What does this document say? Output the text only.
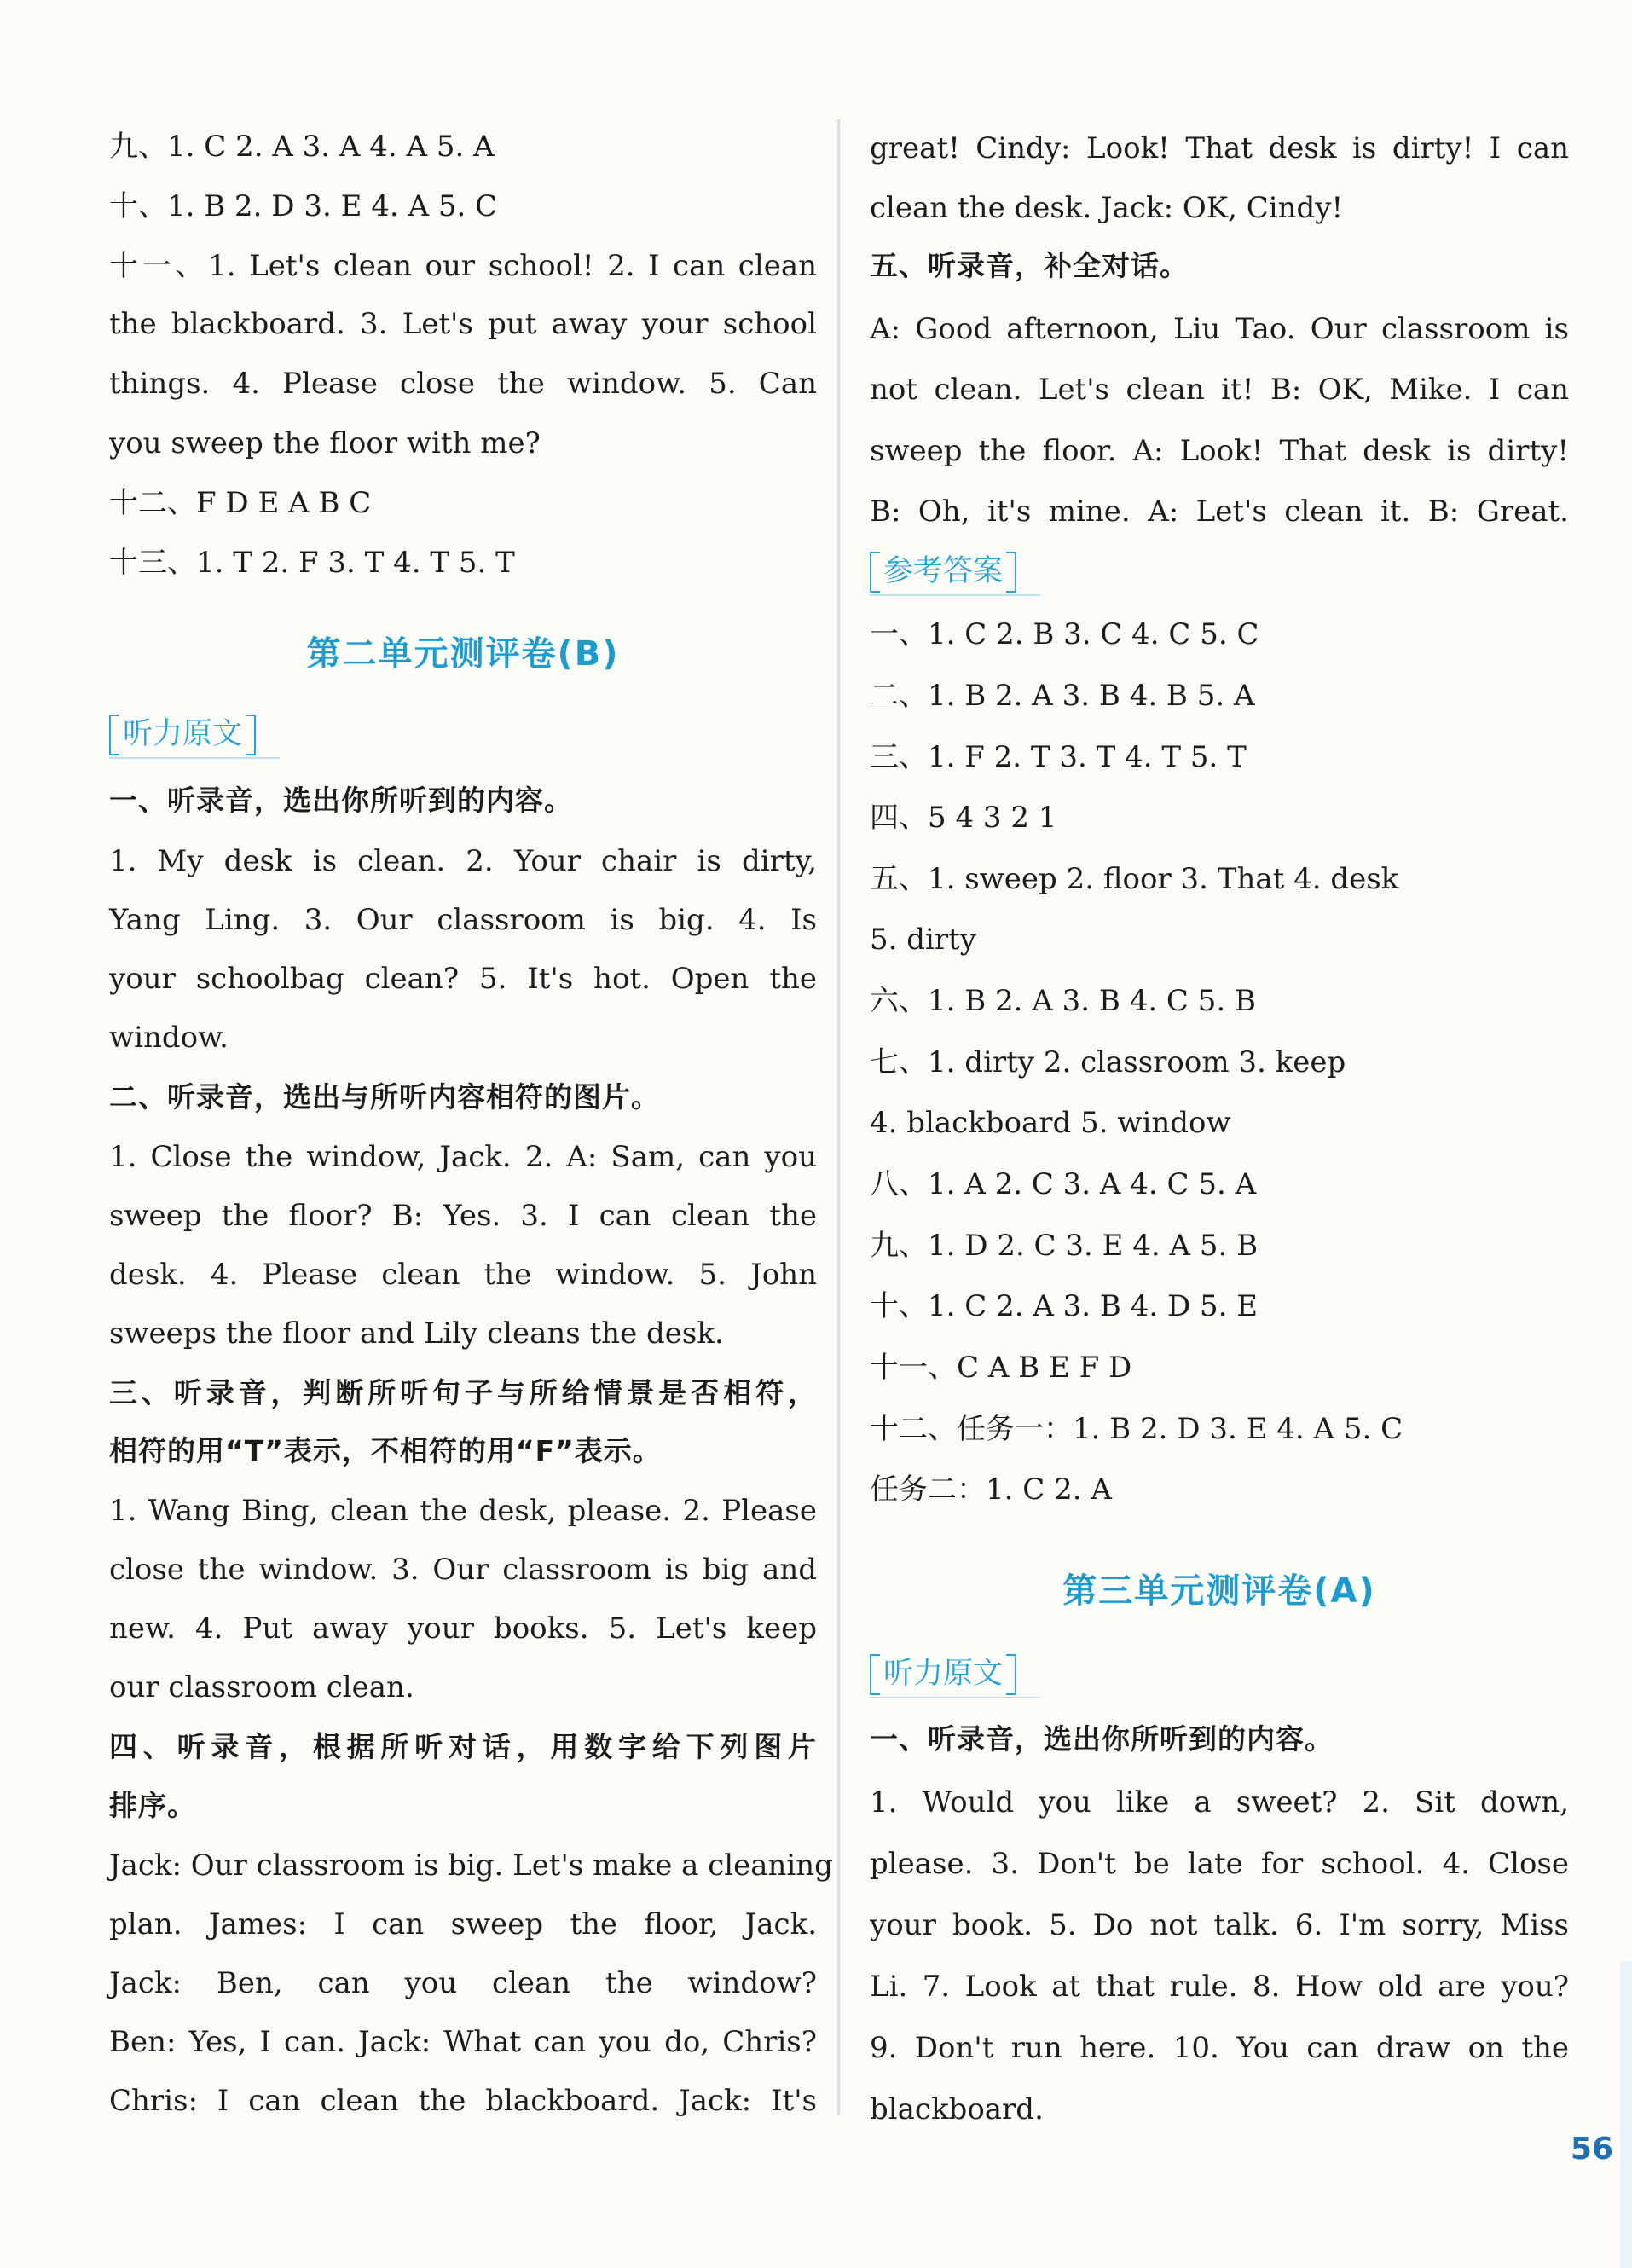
九、1. C 2. A 3. A 4. A 5. A
十、1. B 2. D 3. E 4. A 5. C
十一、1. Let's clean our school! 2. I can clean
the blackboard. 3. Let's put away your school
things. 4. Please close the window. 5. Can
you sweep the floor with me?
十二、F D E A B C
十三、1. T 2. F 3. T 4. T 5. T
第二单元测评卷(B)
听力原文
一、听录音，选出你所听到的内容。
1. My desk is clean. 2. Your chair is dirty,
Yang Ling. 3. Our classroom is big. 4. Is
your schoolbag clean? 5. It's hot. Open the
window.
二、听录音，选出与所听内容相符的图片。
1. Close the window, Jack. 2. A: Sam, can you
sweep the floor? B: Yes. 3. I can clean the
desk. 4. Please clean the window. 5. John
sweeps the floor and Lily cleans the desk.
三、听录音，判断所听句子与所给情景是否相符，
相符的用“T”表示，不相符的用“F”表示。
1. Wang Bing, clean the desk, please. 2. Please
close the window. 3. Our classroom is big and
new. 4. Put away your books. 5. Let's keep
our classroom clean.
四、听录音，根据所听对话，用数字给下列图片
排序。
Jack: Our classroom is big. Let's make a cleaning
plan. James: I can sweep the floor, Jack.
Jack: Ben, can you clean the window?
Ben: Yes, I can. Jack: What can you do, Chris?
Chris: I can clean the blackboard. Jack: It's
great! Cindy: Look! That desk is dirty! I can
clean the desk. Jack: OK, Cindy!
五、听录音，补全对话。
A: Good afternoon, Liu Tao. Our classroom is
not clean. Let's clean it! B: OK, Mike. I can
sweep the floor. A: Look! That desk is dirty!
B: Oh, it's mine. A: Let's clean it. B: Great.
参考答案
一、1. C 2. B 3. C 4. C 5. C
二、1. B 2. A 3. B 4. B 5. A
三、1. F 2. T 3. T 4. T 5. T
四、5 4 3 2 1
五、1. sweep 2. floor 3. That 4. desk
5. dirty
六、1. B 2. A 3. B 4. C 5. B
七、1. dirty 2. classroom 3. keep
4. blackboard 5. window
八、1. A 2. C 3. A 4. C 5. A
九、1. D 2. C 3. E 4. A 5. B
十、1. C 2. A 3. B 4. D 5. E
十一、C A B E F D
十二、任务一：1. B 2. D 3. E 4. A 5. C
任务二：1. C 2. A
第三单元测评卷(A)
听力原文
一、听录音，选出你所听到的内容。
1. Would you like a sweet? 2. Sit down,
please. 3. Don't be late for school. 4. Close
your book. 5. Do not talk. 6. I'm sorry, Miss
Li. 7. Look at that rule. 8. How old are you?
9. Don't run here. 10. You can draw on the
blackboard.
56
